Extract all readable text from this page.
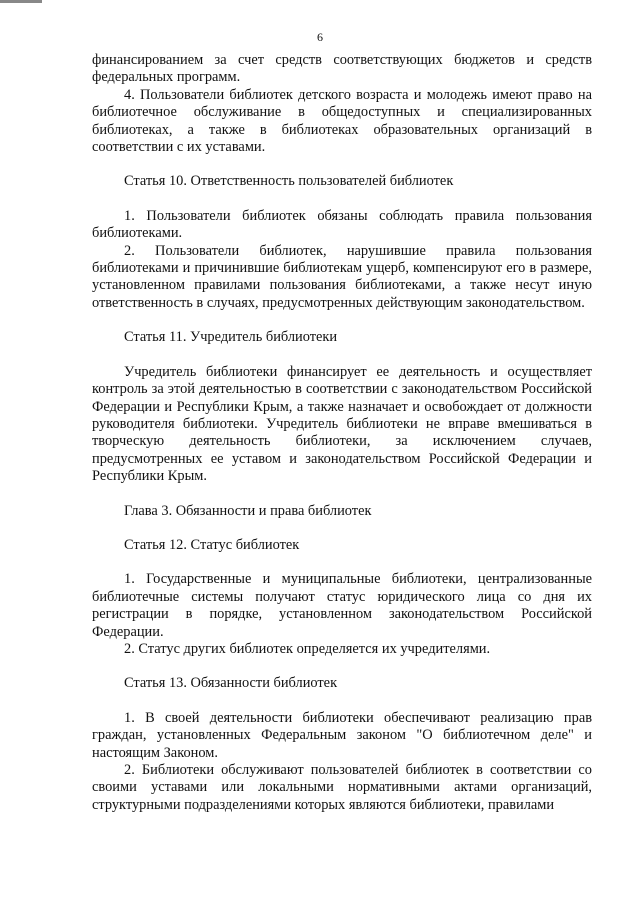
6

финансированием за счет средств соответствующих бюджетов и средств федеральных программ.

4. Пользователи библиотек детского возраста и молодежь имеют право на библиотечное обслуживание в общедоступных и специализированных библиотеках, а также в библиотеках образовательных организаций в соответствии с их уставами.

Статья 10. Ответственность пользователей библиотек

1. Пользователи библиотек обязаны соблюдать правила пользования библиотеками.

2. Пользователи библиотек, нарушившие правила пользования библиотеками и причинившие библиотекам ущерб, компенсируют его в размере, установленном правилами пользования библиотеками, а также несут иную ответственность в случаях, предусмотренных действующим законодательством.

Статья 11. Учредитель библиотеки

Учредитель библиотеки финансирует ее деятельность и осуществляет контроль за этой деятельностью в соответствии с законодательством Российской Федерации и Республики Крым, а также назначает и освобождает от должности руководителя библиотеки. Учредитель библиотеки не вправе вмешиваться в творческую деятельность библиотеки, за исключением случаев, предусмотренных ее уставом и законодательством Российской Федерации и Республики Крым.

Глава 3. Обязанности и права библиотек

Статья 12. Статус библиотек

1. Государственные и муниципальные библиотеки, централизованные библиотечные системы получают статус юридического лица со дня их регистрации в порядке, установленном законодательством Российской Федерации.

2. Статус других библиотек определяется их учредителями.

Статья 13. Обязанности библиотек

1. В своей деятельности библиотеки обеспечивают реализацию прав граждан, установленных Федеральным законом "О библиотечном деле" и настоящим Законом.

2. Библиотеки обслуживают пользователей библиотек в соответствии со своими уставами или локальными нормативными актами организаций, структурными подразделениями которых являются библиотеки, правилами
